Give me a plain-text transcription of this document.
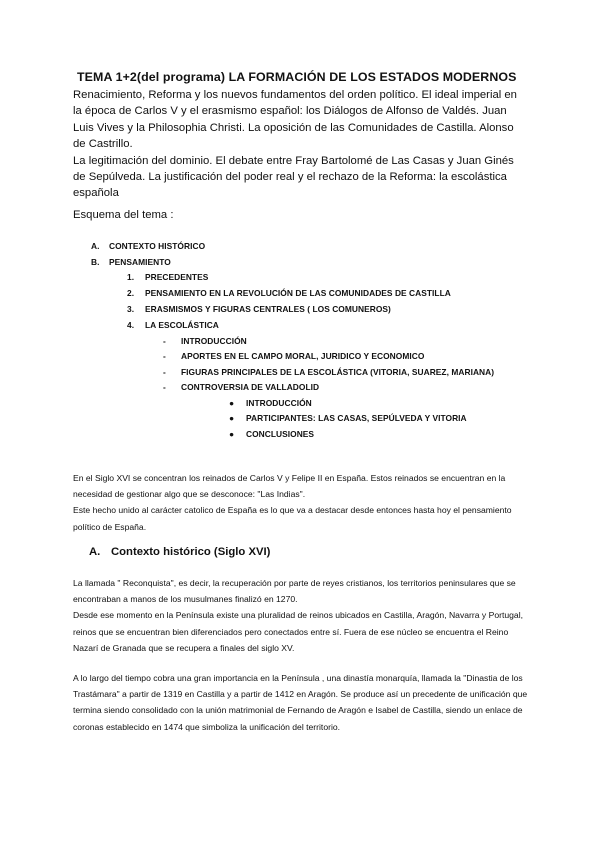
TEMA 1+2(del programa) LA FORMACIÓN DE LOS ESTADOS MODERNOS

Renacimiento, Reforma y los nuevos fundamentos del orden político. El ideal imperial en la época de Carlos V y el erasmismo español: los Diálogos de Alfonso de Valdés. Juan Luis Vives y la Philosophia Christi. La oposición de las Comunidades de Castilla. Alonso de Castrillo.
La legitimación del dominio. El debate entre Fray Bartolomé de Las Casas y Juan Ginés de Sepúlveda. La justificación del poder real y el rechazo de la Reforma: la escolástica española

Esquema del tema :
A. CONTEXTO HISTÓRICO
B. PENSAMIENTO
1. PRECEDENTES
2. PENSAMIENTO EN LA REVOLUCIÓN DE LAS COMUNIDADES DE CASTILLA
3. ERASMISMOS Y FIGURAS CENTRALES ( LOS COMUNEROS)
4. LA ESCOLÁSTICA
- INTRODUCCIÓN
- APORTES EN EL CAMPO MORAL, JURIDICO Y ECONOMICO
- FIGURAS PRINCIPALES DE LA ESCOLÁSTICA (VITORIA, SUAREZ, MARIANA)
- CONTROVERSIA DE VALLADOLID
● INTRODUCCIÓN
● PARTICIPANTES: LAS CASAS, SEPÚLVEDA Y VITORIA
● CONCLUSIONES

En el Siglo XVI se concentran los reinados de Carlos V y Felipe II en España. Estos reinados se encuentran en la necesidad de gestionar algo que se desconoce: "Las Indias".
Este hecho unido al carácter catolico de España es lo que va a destacar desde entonces hasta hoy el pensamiento político de España.

A. Contexto histórico (Siglo XVI)

La llamada " Reconquista", es decir, la recuperación por parte de reyes cristianos, los territorios peninsulares que se encontraban a manos de los musulmanes finalizó en 1270.
Desde ese momento en la Península existe una pluralidad de reinos ubicados en Castilla, Aragón, Navarra y Portugal, reinos que se encuentran bien diferenciados pero conectados entre sí. Fuera de ese núcleo se encuentra el Reino Nazarí de Granada que se recupera a finales del siglo XV.

A lo largo del tiempo cobra una gran importancia en la Península , una dinastía monarquía, llamada la "Dinastia de los Trastámara" a partir de 1319 en Castilla y a partir de 1412 en Aragón. Se produce así un precedente de unificación que termina siendo consolidado con la unión matrimonial de Fernando de Aragón e Isabel de Castilla, siendo un enlace de coronas establecido en 1474 que simboliza la unificación del territorio.
